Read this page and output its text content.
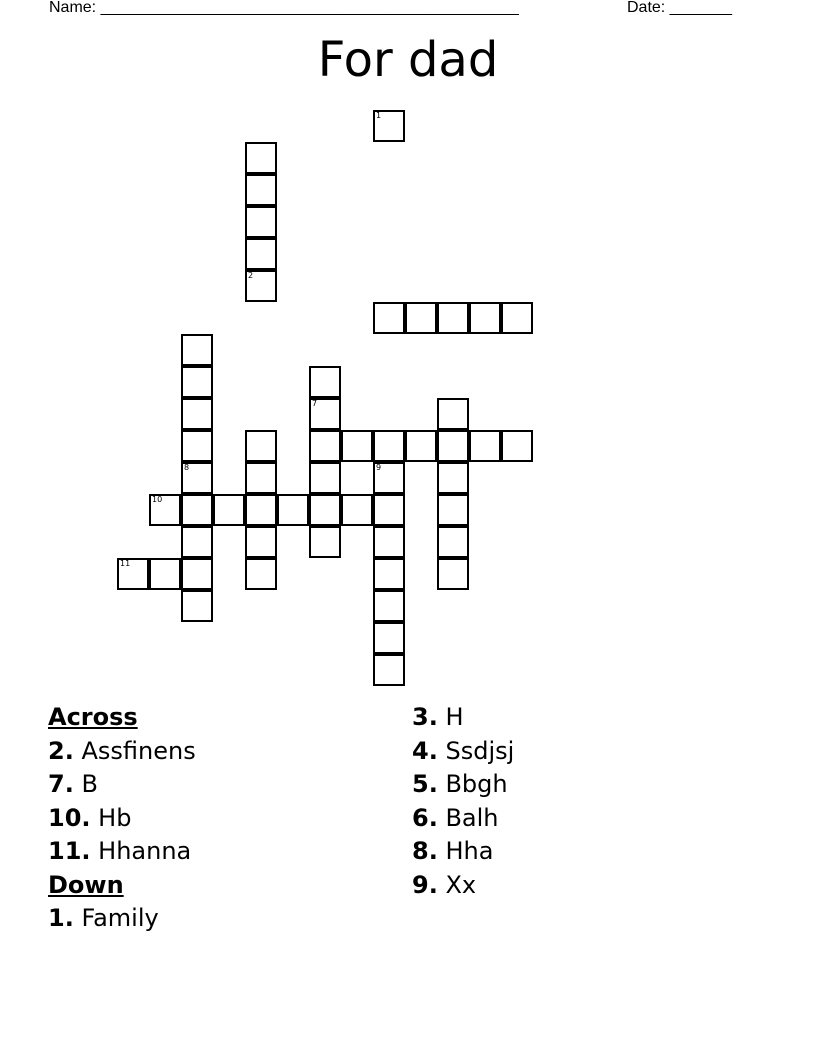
Name: _______________________________________________	Date: _______
For dad
1
2
7
9
8
10
11
Across
2. Assfinens
7. B
10. Hb
11. Hhanna
Down
1. Family
3. H
4. Ssdjsj
5. Bbgh
6. Balh
8. Hha
9. Xx
